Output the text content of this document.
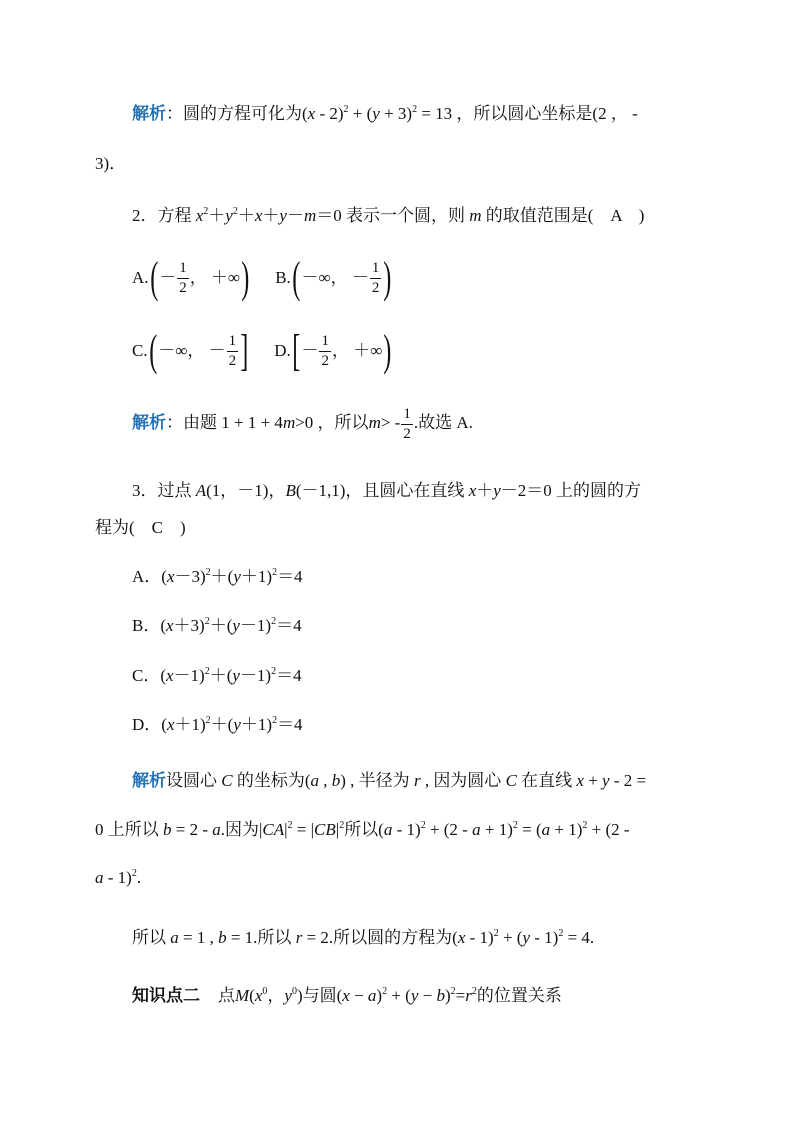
解析：圆的方程可化为$(x - 2)^2 + (y + 3)^2 = 13$ ，所以圆心坐标是(2 ， -
3)．
2．方程 $x^2+y^2+x+y-m=0$ 表示一个圆，则 m 的取值范围是(　A　)
A. ( － $\frac{1}{2}$ ， ＋∞ )
B. ( －∞， － $\frac{1}{2}$ )
C. ( －∞， － $\frac{1}{2}$ ]
D. [ － $\frac{1}{2}$ ， ＋∞ )
解析：由题 1 + 1 + 4m>0 ，所以$m> - \frac{1}{2}$ .故选 A.
3．过点 A(1，－1)，B(－1,1)，且圆心在直线 x＋y－2＝0 上的圆的方
程为(　C　)
A．$(x-3)^2+(y+1)^2=4$
B．$(x+3)^2+(y-1)^2=4$
C．$(x-1)^2+(y-1)^2=4$
D．$(x+1)^2+(y+1)^2=4$
解析设圆心 C 的坐标为(a , b) , 半径为 r , 因为圆心 C 在直线 x + y - 2 =
0 上所以 b = 2 - a.因为$|CA|^2 = |CB|^2$所以$(a - 1)^2 + (2 - a + 1)^2 = (a + 1)^2 + (2$ -
a - 1)$^2$.
所以 a = 1 , b = 1.所以 r = 2.所以圆的方程为(x - 1)$^2$ + (y - 1)$^2$ = 4.
知识点二 点$M(x^0$，$y^0$)与圆$(x - a)^2 + (y - b)^2=r^2$的位置关系
